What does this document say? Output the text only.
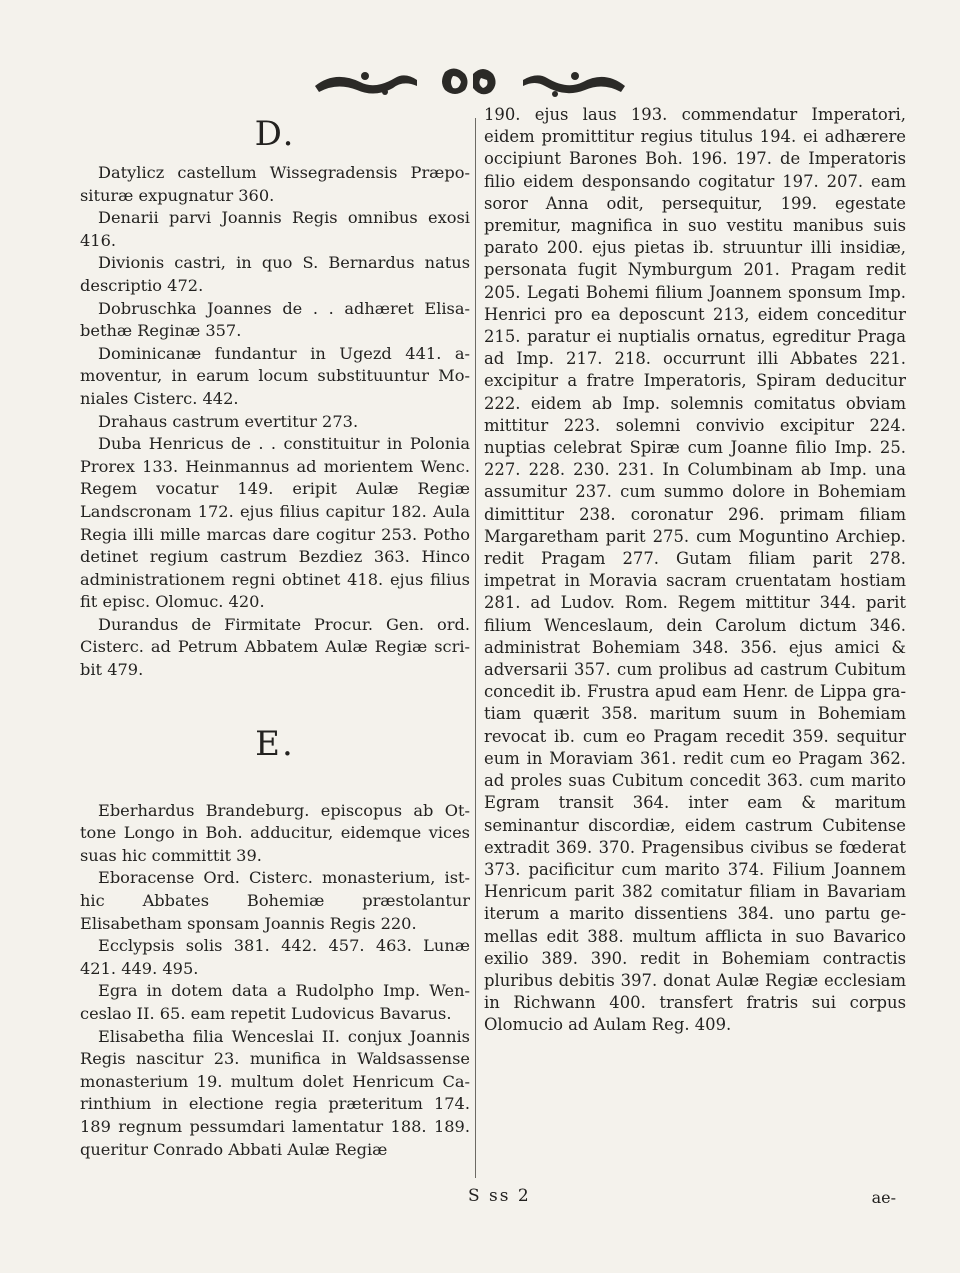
D.

Datylicz castellum Wissegradensis Præposituræ expugnatur 360.

Denarii parvi Joannis Regis omnibus exosi 416.

Divionis castri, in quo S. Bernardus natus descriptio 472.

Dobruschka Joannes de . . adhæret Elisabethæ Reginæ 357.

Dominicanæ fundantur in Ugezd 441. amoventur, in earum locum substituuntur Moniales Cisterc. 442.

Drahaus castrum evertitur 273.

Duba Henricus de . . constituitur in Polonia Prorex 133. Heinmannus ad morientem Wenc. Regem vocatur 149. eripit Aulæ Regiæ Landscronam 172. ejus filius capitur 182. Aula Regia illi mille marcas dare cogitur 253. Potho detinet regium castrum Bezdiez 363. Hinco administrationem regni obtinet 418. ejus filius fit episc. Olomuc. 420.

Durandus de Firmitate Procur. Gen. ord. Cisterc. ad Petrum Abbatem Aulæ Regiæ scribit 479.

E.

Eberhardus Brandeburg. episcopus ab Ottone Longo in Boh. adducitur, eidemque vices suas hic committit 39.

Eboracense Ord. Cisterc. monasterium, isthic Abbates Bohemiæ præstolantur Elisabetham sponsam Joannis Regis 220.

Ecclypsis solis 381. 442. 457. 463. Lunæ 421. 449. 495.

Egra in dotem data a Rudolpho Imp. Wenceslao II. 65. eam repetit Ludovicus Bavarus.

Elisabetha filia Wenceslai II. conjux Joannis Regis nascitur 23. munifica in Waldsassense monasterium 19. multum dolet Henricum Carinthium in electione regia præteritum 174. 189 regnum pessumdari lamentatur 188. 189. queritur Conrado Abbati Aulæ Regiæ

190. ejus laus 193. commendatur Imperatori, eidem promittitur regius titulus 194. ei adhærere occipiunt Barones Boh. 196. 197. de Imperatoris filio eidem desponsando cogitatur 197. 207. eam soror Anna odit, persequitur, 199. egestate premitur, magnifica in suo vestitu manibus suis parato 200. ejus pietas ib. struuntur illi insidiæ, personata fugit Nymburgum 201. Pragam redit 205. Legati Bohemi filium Joannem sponsum Imp. Henrici pro ea deposcunt 213, eidem conceditur 215. paratur ei nuptialis ornatus, egreditur Praga ad Imp. 217. 218. occurrunt illi Abbates 221. excipitur a fratre Imperatoris, Spiram deducitur 222. eidem ab Imp. solemnis comitatus obviam mittitur 223. solemni convivio excipitur 224. nuptias celebrat Spiræ cum Joanne filio Imp. 25. 227. 228. 230. 231. In Columbinam ab Imp. una assumitur 237. cum summo dolore in Bohemiam dimittitur 238. coronatur 296. primam filiam Margaretham parit 275. cum Moguntino Archiep. redit Pragam 277. Gutam filiam parit 278. impetrat in Moravia sacram cruentatam hostiam 281. ad Ludov. Rom. Regem mittitur 344. parit filium Wenceslaum, dein Carolum dictum 346. administrat Bohemiam 348. 356. ejus amici & adversarii 357. cum prolibus ad castrum Cubitum concedit ib. Frustra apud eam Henr. de Lippa gratiam quærit 358. maritum suum in Bohemiam revocat ib. cum eo Pragam recedit 359. sequitur eum in Moraviam 361. redit cum eo Pragam 362. ad proles suas Cubitum concedit 363. cum marito Egram transit 364. inter eam & maritum seminantur discordiæ, eidem castrum Cubitense extradit 369. 370. Pragensibus civibus se fœderat 373. pacificitur cum marito 374. Filium Joannem Henricum parit 382 comitatur filiam in Bavariam iterum a marito dissentiens 384. uno partu gemellas edit 388. multum afflicta in suo Bavarico exilio 389. 390. redit in Bohemiam contractis pluribus debitis 397. donat Aulæ Regiæ ecclesiam in Richwann 400. transfert fratris sui corpus Olomucio ad Aulam Reg. 409.

S ss 2	ae-
